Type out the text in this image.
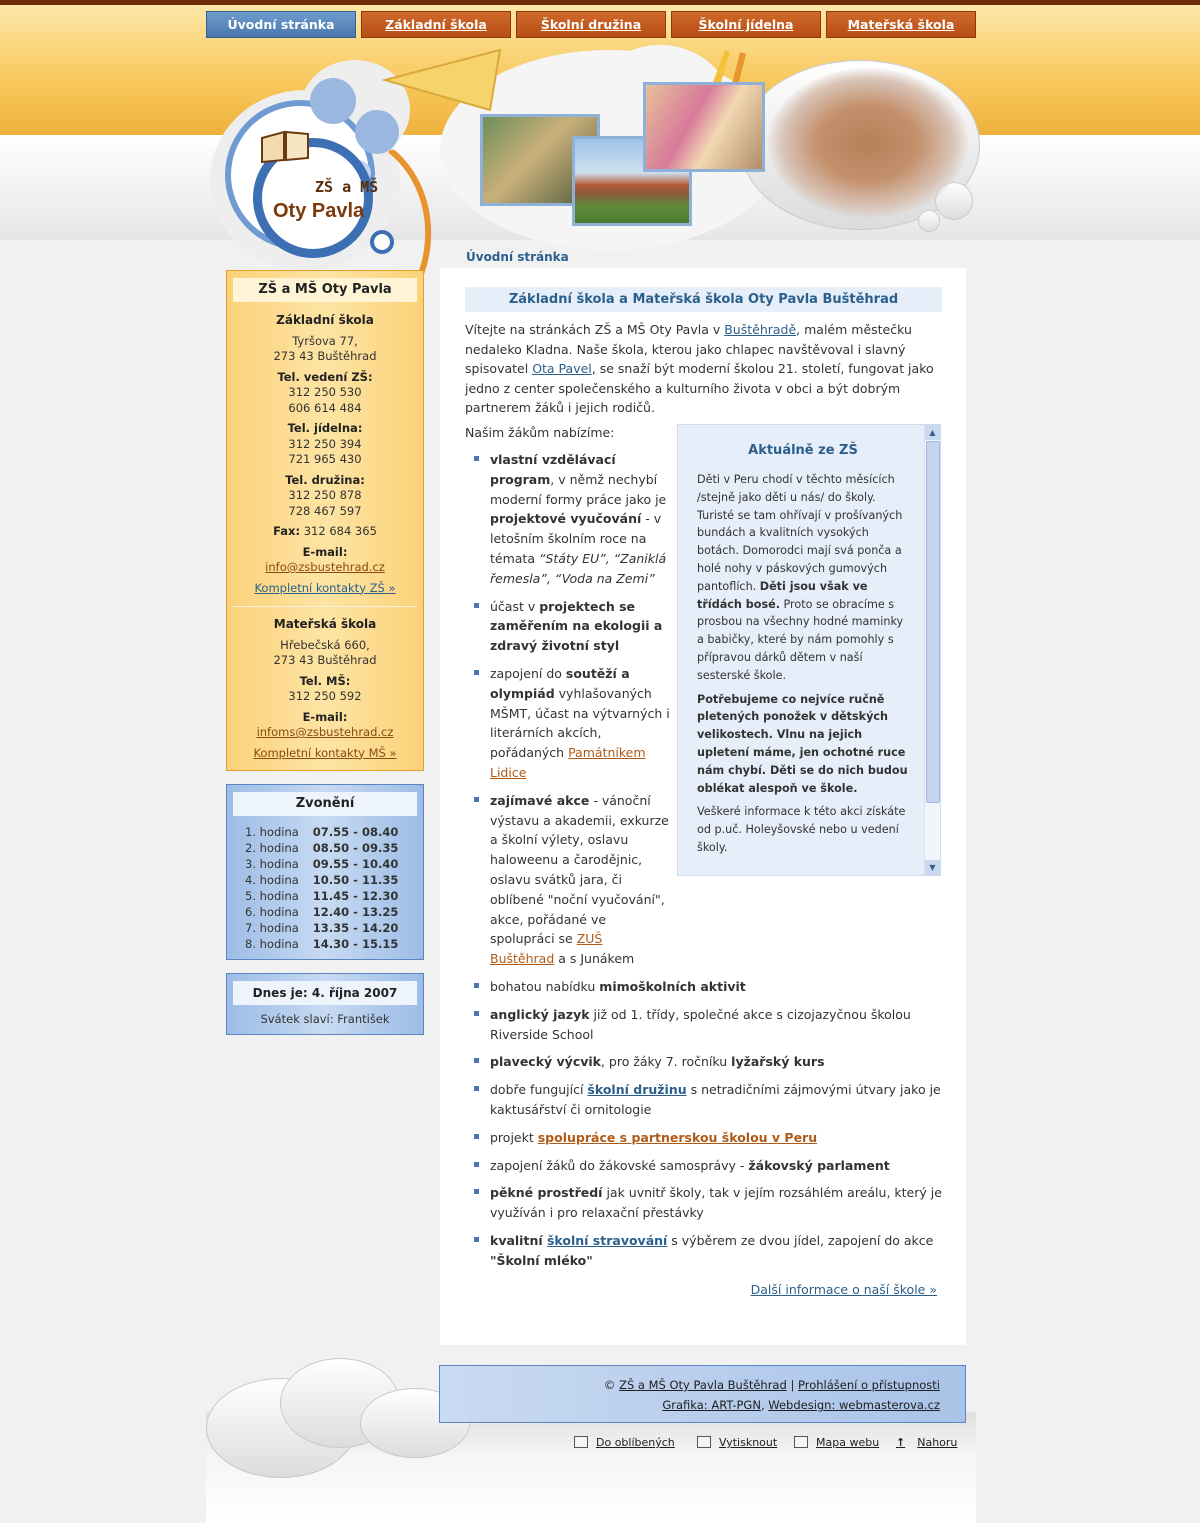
Úvodní stránka	Základní škola	Školní družina	Školní jídelna	Mateřská škola
ZŠ a MŠ
Oty Pavla
Úvodní stránka
ZŠ a MŠ Oty Pavla
Základní škola
Tyršova 77,
273 43 Buštěhrad
Tel. vedení ZŠ:
312 250 530
606 614 484
Tel. jídelna:
312 250 394
721 965 430
Tel. družina:
312 250 878
728 467 597
Fax: 312 684 365
E-mail:
info@zsbustehrad.cz
Kompletní kontakty ZŠ »
Mateřská škola
Hřebečská 660,
273 43 Buštěhrad
Tel. MŠ:
312 250 592
E-mail:
infoms@zsbustehrad.cz
Kompletní kontakty MŠ »
Zvonění
1. hodina	07.55 - 08.40
2. hodina	08.50 - 09.35
3. hodina	09.55 - 10.40
4. hodina	10.50 - 11.35
5. hodina	11.45 - 12.30
6. hodina	12.40 - 13.25
7. hodina	13.35 - 14.20
8. hodina	14.30 - 15.15
Dnes je: 4. října 2007
Svátek slaví: František
Základní škola a Mateřská škola Oty Pavla Buštěhrad
Vítejte na stránkách ZŠ a MŠ Oty Pavla v Buštěhradě, malém městečku nedaleko Kladna. Naše škola, kterou jako chlapec navštěvoval i slavný spisovatel Ota Pavel, se snaží být moderní školou 21. století, fungovat jako jedno z center společenského a kulturního života v obci a být dobrým partnerem žáků i jejich rodičů.
Našim žákům nabízíme:
vlastní vzdělávací program, v němž nechybí moderní formy práce jako je projektové vyučování - v letošním školním roce na témata “Státy EU”, “Zaniklá řemesla”, “Voda na Zemi”
účast v projektech se zaměřením na ekologii a zdravý životní styl
zapojení do soutěží a olympiád vyhlašovaných MŠMT, účast na výtvarných i literárních akcích, pořádaných Památníkem Lidice
zajímavé akce - vánoční výstavu a akademii, exkurze a školní výlety, oslavu haloweenu a čarodějnic, oslavu svátků jara, či oblíbené "noční vyučování", akce, pořádané ve spolupráci se ZUŠ Buštěhrad a s Junákem
bohatou nabídku mimoškolních aktivit
anglický jazyk již od 1. třídy, společné akce s cizojazyčnou školou Riverside School
plavecký výcvik, pro žáky 7. ročníku lyžařský kurs
dobře fungující školní družinu s netradičními zájmovými útvary jako je kaktusářství či ornitologie
projekt spolupráce s partnerskou školou v Peru
zapojení žáků do žákovské samosprávy - žákovský parlament
pěkné prostředí jak uvnitř školy, tak v jejím rozsáhlém areálu, který je využíván i pro relaxační přestávky
kvalitní školní stravování s výběrem ze dvou jídel, zapojení do akce "Školní mléko"
Další informace o naší škole »
Aktuálně ze ZŠ

Děti v Peru chodí v těchto měsících /stejně jako děti u nás/ do školy. Turisté se tam ohřívají v prošívaných bundách a kvalitních vysokých botách. Domorodci mají svá ponča a holé nohy v páskových gumových pantoflích. Děti jsou však ve třídách bosé. Proto se obracíme s prosbou na všechny hodné maminky a babičky, které by nám pomohly s přípravou dárků dětem v naší sesterské škole.

Potřebujeme co nejvíce ručně pletených ponožek v dětských velikostech. Vlnu na jejich upletení máme, jen ochotné ruce nám chybí. Děti se do nich budou oblékat alespoň ve škole.

Veškeré informace k této akci získáte od p.uč. Holeyšovské nebo u vedení školy.

▲
▼
© ZŠ a MŠ Oty Pavla Buštěhrad | Prohlášení o přístupnosti
Grafika: ART-PGN, Webdesign: webmasterova.cz
Do oblíbených	Vytisknout	Mapa webu ↑ Nahoru
